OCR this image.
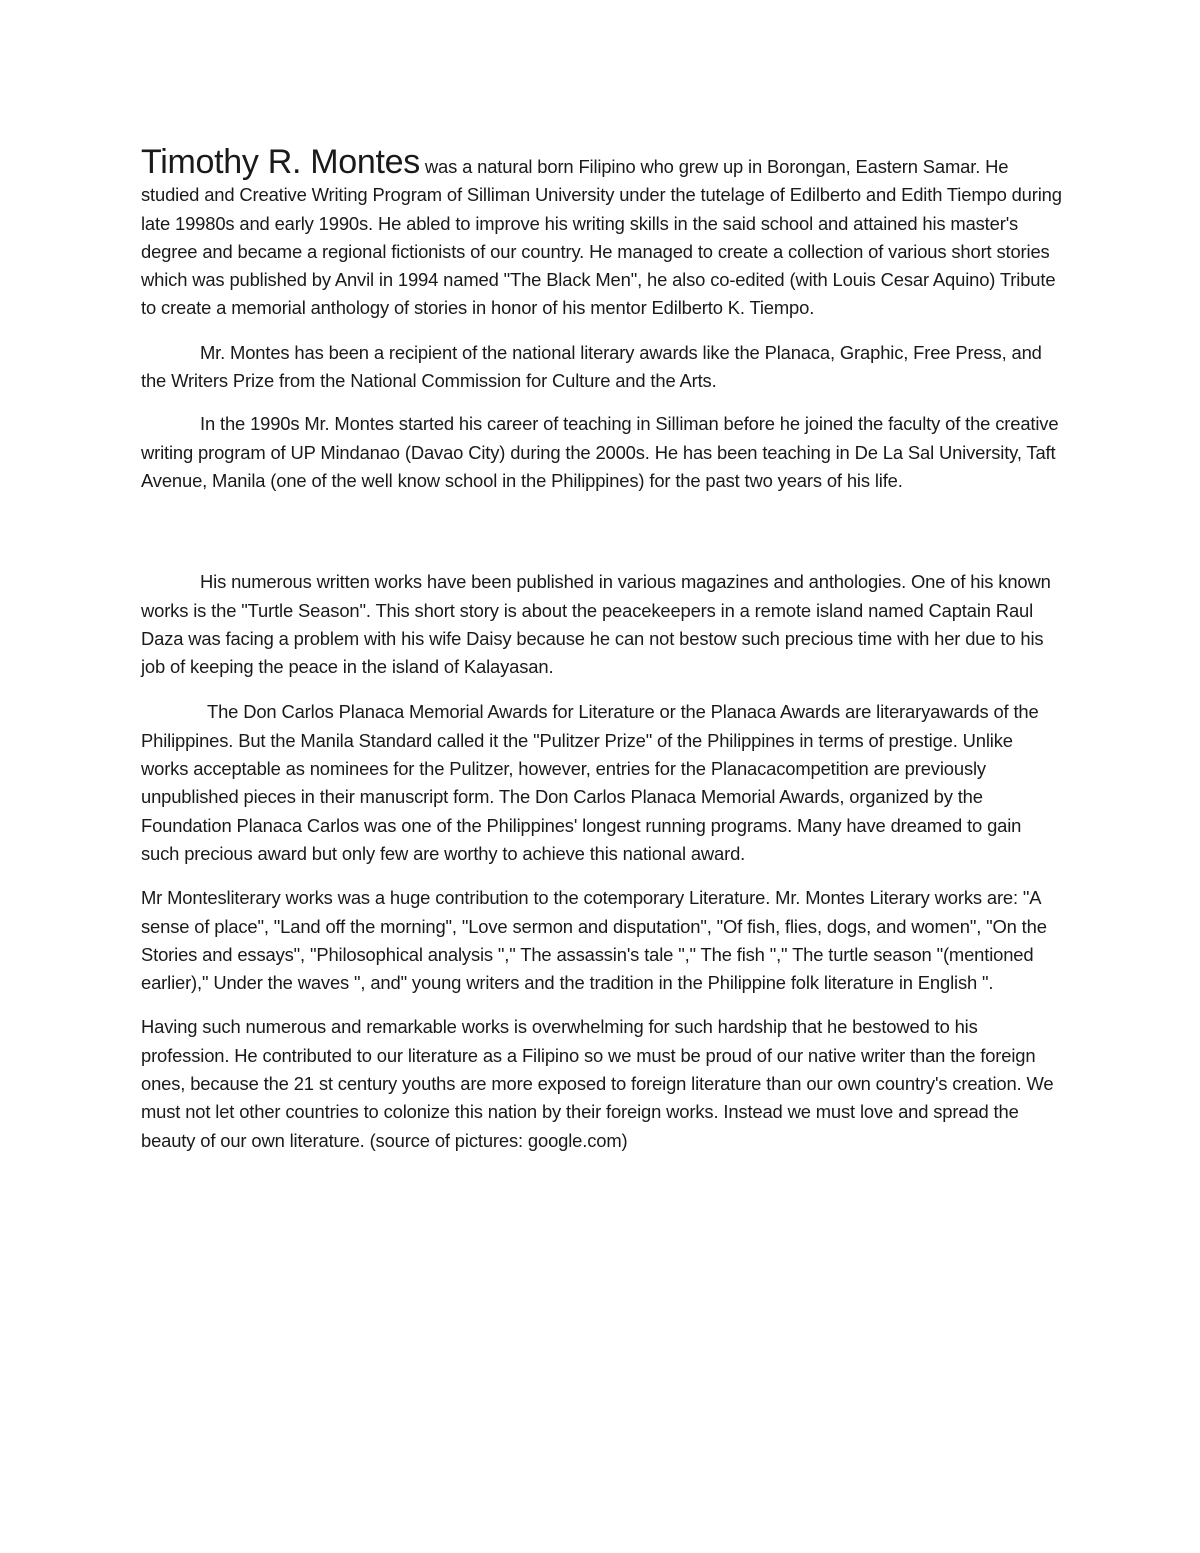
Timothy R. Montes was a natural born Filipino who grew up in Borongan, Eastern Samar. He studied and Creative Writing Program of Silliman University under the tutelage of Edilberto and Edith Tiempo during late 19980s and early 1990s. He abled to improve his writing skills in the said school and attained his master's degree and became a regional fictionists of our country. He managed to create a collection of various short stories which was published by Anvil in 1994 named "The Black Men", he also co-edited (with Louis Cesar Aquino) Tribute to create a memorial anthology of stories in honor of his mentor Edilberto K. Tiempo.

Mr. Montes has been a recipient of the national literary awards like the Planaca, Graphic, Free Press, and the Writers Prize from the National Commission for Culture and the Arts.

In the 1990s Mr. Montes started his career of teaching in Silliman before he joined the faculty of the creative writing program of UP Mindanao (Davao City) during the 2000s. He has been teaching in De La Sal University, Taft Avenue, Manila (one of the well know school in the Philippines) for the past two years of his life.

His numerous written works have been published in various magazines and anthologies. One of his known works is the "Turtle Season". This short story is about the peacekeepers in a remote island named Captain Raul Daza was facing a problem with his wife Daisy because he can not bestow such precious time with her due to his job of keeping the peace in the island of Kalayasan.

The Don Carlos Planaca Memorial Awards for Literature or the Planaca Awards are literaryawards of the Philippines. But the Manila Standard called it the "Pulitzer Prize" of the Philippines in terms of prestige. Unlike works acceptable as nominees for the Pulitzer, however, entries for the Planacacompetition are previously unpublished pieces in their manuscript form. The Don Carlos Planaca Memorial Awards, organized by the Foundation Planaca Carlos was one of the Philippines' longest running programs. Many have dreamed to gain such precious award but only few are worthy to achieve this national award.

Mr Montesliterary works was a huge contribution to the cotemporary Literature. Mr. Montes Literary works are: "A sense of place", "Land off the morning", "Love sermon and disputation", "Of fish, flies, dogs, and women", "On the Stories and essays", "Philosophical analysis "," The assassin's tale "," The fish "," The turtle season "(mentioned earlier)," Under the waves ", and" young writers and the tradition in the Philippine folk literature in English ".

Having such numerous and remarkable works is overwhelming for such hardship that he bestowed to his profession. He contributed to our literature as a Filipino so we must be proud of our native writer than the foreign ones, because the 21 st century youths are more exposed to foreign literature than our own country's creation. We must not let other countries to colonize this nation by their foreign works. Instead we must love and spread the beauty of our own literature. (source of pictures: google.com)
